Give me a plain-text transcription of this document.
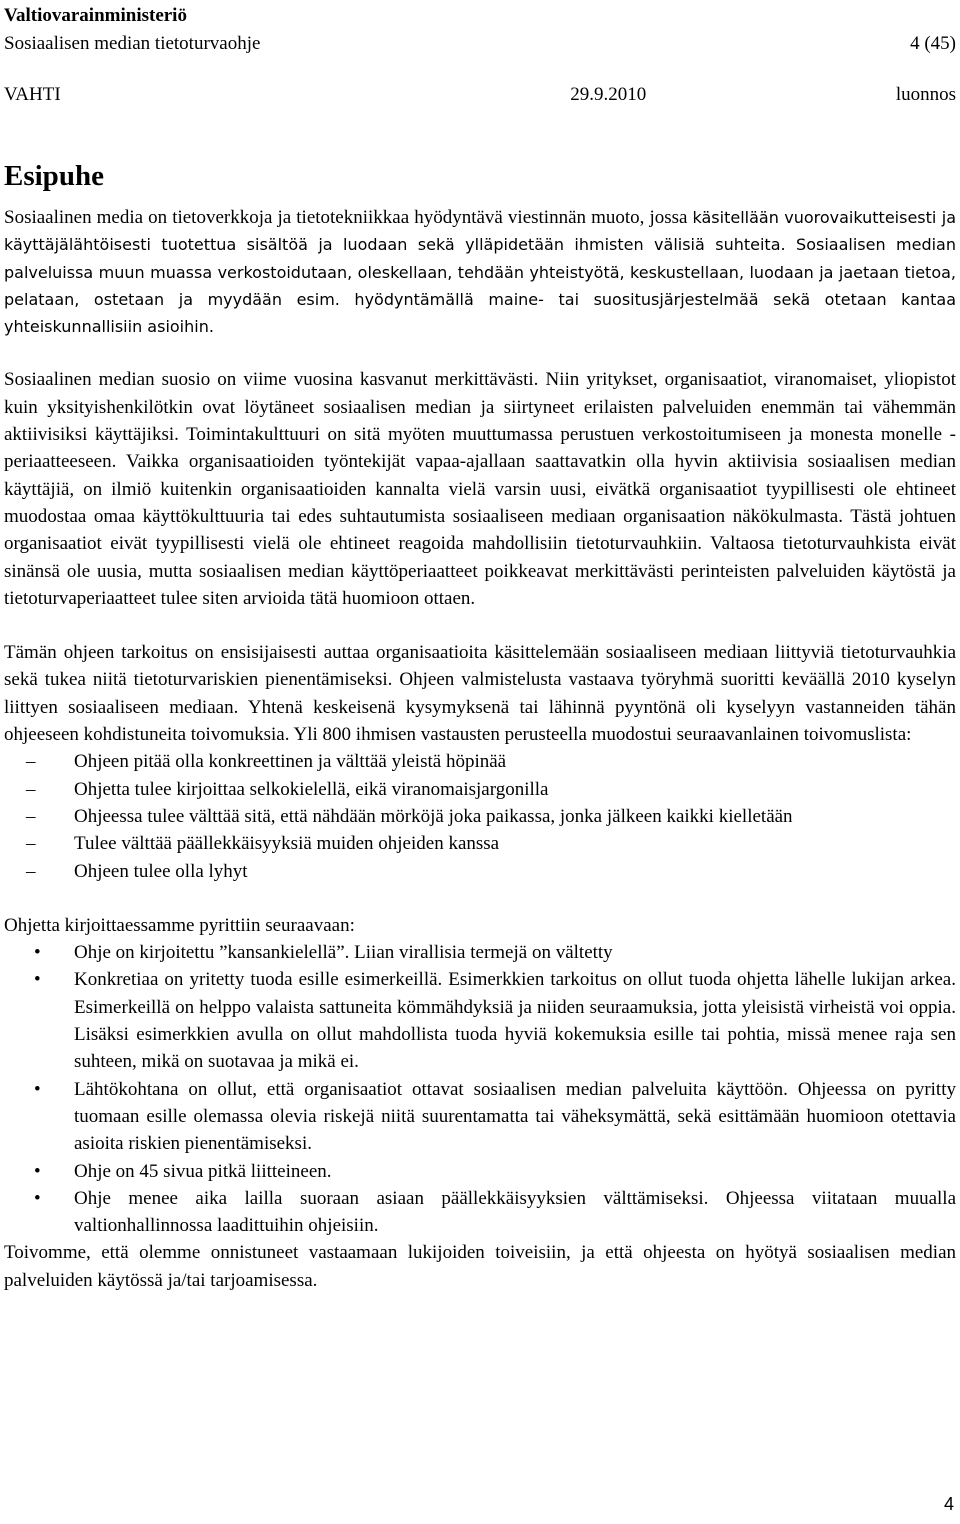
Valtiovarainministeriö
Sosiaalisen median tietoturvaohje	4 (45)
VAHTI	29.9.2010	luonnos
Esipuhe

Sosiaalinen media on tietoverkkoja ja tietotekniikkaa hyödyntävä viestinnän muoto, jossa käsitellään vuorovaikutteisesti ja käyttäjälähtöisesti tuotettua sisältöä ja luodaan sekä ylläpidetään ihmisten välisiä suhteita. Sosiaalisen median palveluissa muun muassa verkostoidutaan, oleskellaan, tehdään yhteistyötä, keskustellaan, luodaan ja jaetaan tietoa, pelataan, ostetaan ja myydään esim. hyödyntämällä maine- tai suositusjärjestelmää sekä otetaan kantaa yhteiskunnallisiin asioihin.

Sosiaalinen median suosio on viime vuosina kasvanut merkittävästi. Niin yritykset, organisaatiot, viranomaiset, yliopistot kuin yksityishenkilötkin ovat löytäneet sosiaalisen median ja siirtyneet erilaisten palveluiden enemmän tai vähemmän aktiivisiksi käyttäjiksi. Toimintakulttuuri on sitä myöten muuttumassa perustuen verkostoitumiseen ja monesta monelle -periaatteeseen. Vaikka organisaatioiden työntekijät vapaa-ajallaan saattavatkin olla hyvin aktiivisia sosiaalisen median käyttäjiä, on ilmiö kuitenkin organisaatioiden kannalta vielä varsin uusi, eivätkä organisaatiot tyypillisesti ole ehtineet muodostaa omaa käyttökulttuuria tai edes suhtautumista sosiaaliseen mediaan organisaation näkökulmasta. Tästä johtuen organisaatiot eivät tyypillisesti vielä ole ehtineet reagoida mahdollisiin tietoturvauhkiin. Valtaosa tietoturvauhkista eivät sinänsä ole uusia, mutta sosiaalisen median käyttöperiaatteet poikkeavat merkittävästi perinteisten palveluiden käytöstä ja tietoturvaperiaatteet tulee siten arvioida tätä huomioon ottaen.

Tämän ohjeen tarkoitus on ensisijaisesti auttaa organisaatioita käsittelemään sosiaaliseen mediaan liittyviä tietoturvauhkia sekä tukea niitä tietoturvariskien pienentämiseksi. Ohjeen valmistelusta vastaava työryhmä suoritti keväällä 2010 kyselyn liittyen sosiaaliseen mediaan. Yhtenä keskeisenä kysymyksenä tai lähinnä pyyntönä oli kyselyyn vastanneiden tähän ohjeeseen kohdistuneita toivomuksia. Yli 800 ihmisen vastausten perusteella muodostui seuraavanlainen toivomuslista:

– Ohjeen pitää olla konkreettinen ja välttää yleistä höpinää
– Ohjetta tulee kirjoittaa selkokielellä, eikä viranomaisjargonilla
– Ohjeessa tulee välttää sitä, että nähdään mörköjä joka paikassa, jonka jälkeen kaikki kielletään
– Tulee välttää päällekkäisyyksiä muiden ohjeiden kanssa
– Ohjeen tulee olla lyhyt

Ohjetta kirjoittaessamme pyrittiin seuraavaan:

• Ohje on kirjoitettu ”kansankielellä”. Liian virallisia termejä on vältetty
• Konkretiaa on yritetty tuoda esille esimerkeillä. Esimerkkien tarkoitus on ollut tuoda ohjetta lähelle lukijan arkea. Esimerkeillä on helppo valaista sattuneita kömmähdyksiä ja niiden seuraamuksia, jotta yleisistä virheistä voi oppia. Lisäksi esimerkkien avulla on ollut mahdollista tuoda hyviä kokemuksia esille tai pohtia, missä menee raja sen suhteen, mikä on suotavaa ja mikä ei.
• Lähtökohtana on ollut, että organisaatiot ottavat sosiaalisen median palveluita käyttöön. Ohjeessa on pyritty tuomaan esille olemassa olevia riskejä niitä suurentamatta tai väheksymättä, sekä esittämään huomioon otettavia asioita riskien pienentämiseksi.
• Ohje on 45 sivua pitkä liitteineen.
• Ohje menee aika lailla suoraan asiaan päällekkäisyyksien välttämiseksi. Ohjeessa viitataan muualla valtionhallinnossa laadittuihin ohjeisiin.

Toivomme, että olemme onnistuneet vastaamaan lukijoiden toiveisiin, ja että ohjeesta on hyötyä sosiaalisen median palveluiden käytössä ja/tai tarjoamisessa.

4
